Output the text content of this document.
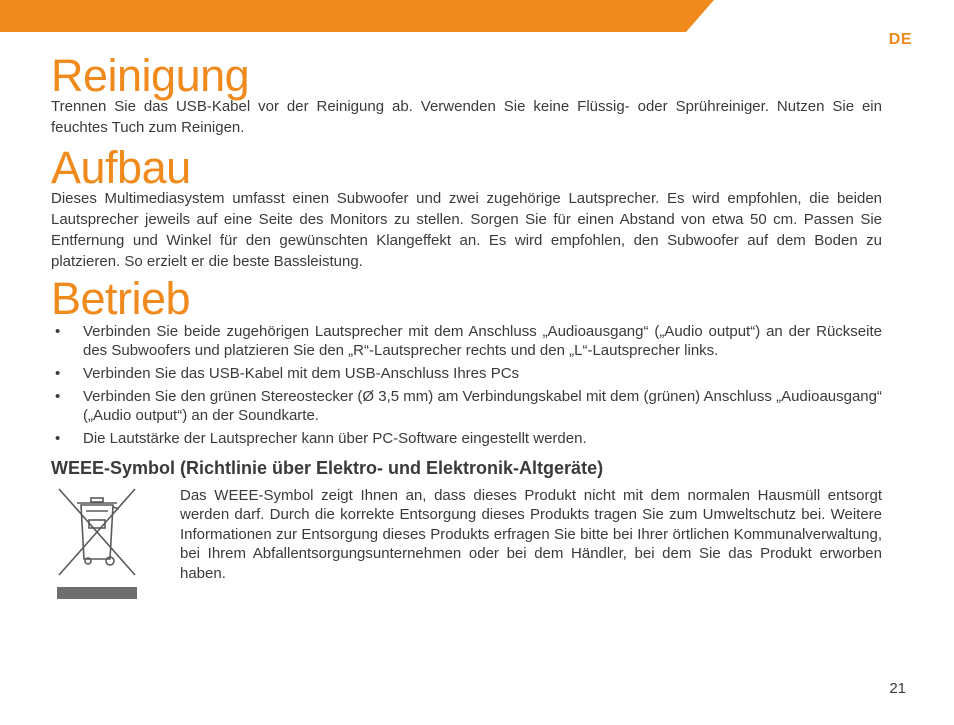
DE
Reinigung

Trennen Sie das USB-Kabel vor der Reinigung ab. Verwenden Sie keine Flüssig- oder Sprühreiniger. Nutzen Sie ein feuchtes Tuch zum Reinigen.

Aufbau

Dieses Multimediasystem umfasst einen Subwoofer und zwei zugehörige Lautsprecher. Es wird empfohlen, die beiden Lautsprecher jeweils auf eine Seite des Monitors zu stellen. Sorgen Sie für einen Abstand von etwa 50 cm. Passen Sie Entfernung und Winkel für den gewünschten Klangeffekt an. Es wird empfohlen, den Subwoofer auf dem Boden zu platzieren. So erzielt er die beste Bassleistung.

Betrieb
•	Verbinden Sie beide zugehörigen Lautsprecher mit dem Anschluss „Audioausgang“ („Audio output“) an der Rückseite des Subwoofers und platzieren Sie den „R“-Lautsprecher rechts und den „L“-Lautsprecher links.
•	Verbinden Sie das USB-Kabel mit dem USB-Anschluss Ihres PCs
•	Verbinden Sie den grünen Stereostecker (Ø 3,5 mm) am Verbindungskabel mit dem (grünen) Anschluss „Audioausgang“ („Audio output“) an der Soundkarte.
•	Die Lautstärke der Lautsprecher kann über PC-Software eingestellt werden.
WEEE-Symbol (Richtlinie über Elektro- und Elektronik-Altgeräte)

Das WEEE-Symbol zeigt Ihnen an, dass dieses Produkt nicht mit dem normalen Hausmüll entsorgt werden darf. Durch die korrekte Entsorgung dieses Produkts tragen Sie zum Umweltschutz bei. Weitere Informationen zur Entsorgung dieses Produkts erfragen Sie bitte bei Ihrer örtlichen Kommunalverwaltung, bei Ihrem Abfallentsorgungsunternehmen oder bei dem Händler, bei dem Sie das Produkt erworben haben.

21
